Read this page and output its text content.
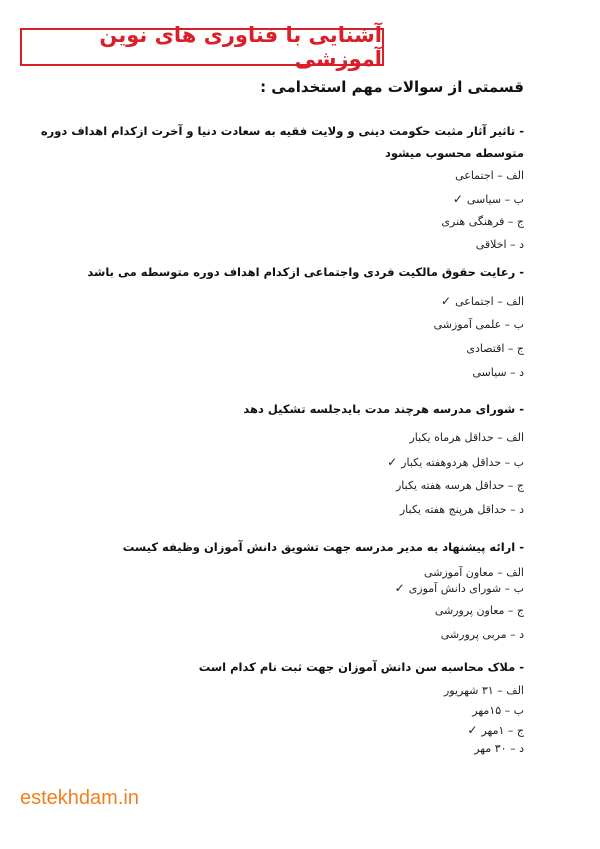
آشنایی با فناوری های نوین آموزشی
قسمتی از سوالات مهم استخدامی :
- تاثیر آثار مثبت حکومت دینی و ولایت فقیه به سعادت دنیا و آخرت ازکدام اهداف دوره
متوسطه محسوب میشود
الف – اجتماعی
ب – سیاسی✓
ج – فرهنگی هنری
د – اخلاقی
- رعایت حقوق مالکیت فردی واجتماعی ازکدام اهداف دوره متوسطه می باشد
الف – اجتماعی✓
ب – علمی آموزشی
ج – اقتصادی
د – سیاسی
- شورای مدرسه هرچند مدت بایدجلسه تشکیل دهد
الف – حداقل هرماه یکبار
ب – حداقل هردوهفته یکبار✓
ج – حداقل هرسه هفته یکبار
د – حداقل هرپنج هفته یکبار
- ارائه پیشنهاد به مدیر مدرسه جهت تشویق دانش آموزان وظیفه کیست
الف – معاون آموزشی
ب – شورای دانش آموزی✓
ج – معاون پرورشی
د – مربی پرورشی
- ملاک محاسبه سن دانش آموزان جهت ثبت نام کدام است
الف – ۳۱ شهریور
ب – ۱۵مهر
ج – ۱مهر✓
د – ۳۰ مهر
estekhdam.in
